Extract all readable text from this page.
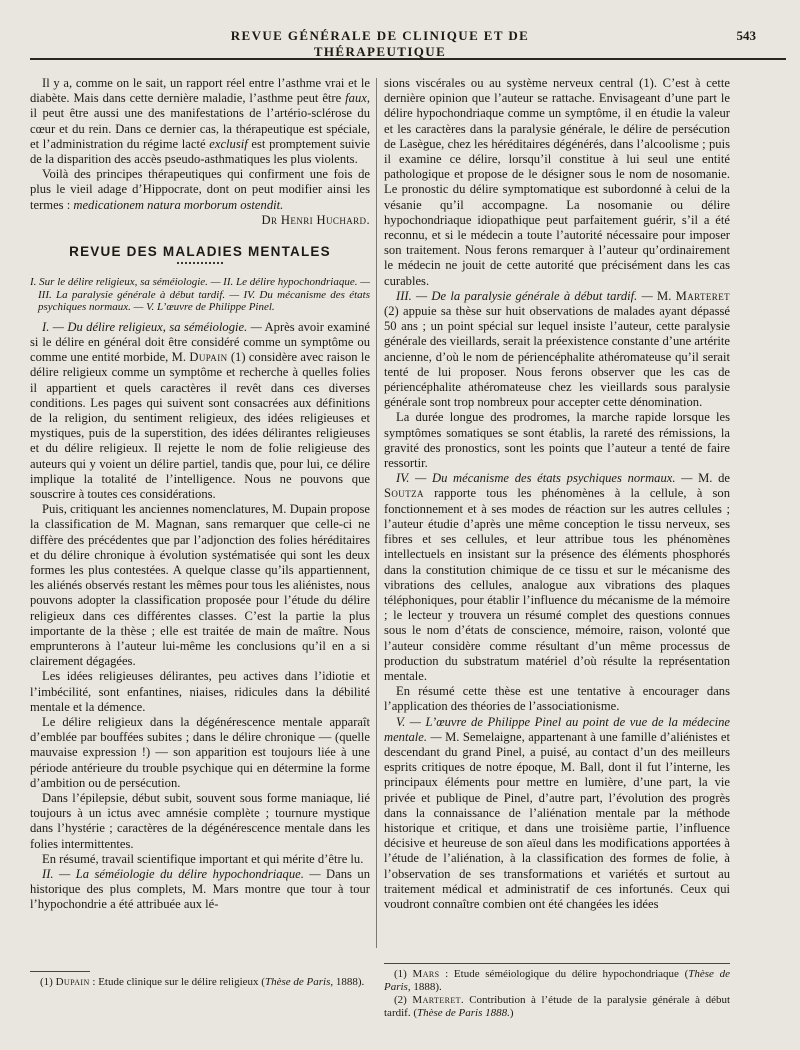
REVUE GÉNÉRALE DE CLINIQUE ET DE THÉRAPEUTIQUE
543

Il y a, comme on le sait, un rapport réel entre l’asthme vrai et le diabète. Mais dans cette dernière maladie, l’asthme peut être faux, il peut être aussi une des manifestations de l’artério-sclérose du cœur et du rein. Dans ce dernier cas, la thérapeutique est spéciale, et l’administration du régime lacté exclusif est promptement suivie de la disparition des accès pseudo-asthmatiques les plus violents.

Voilà des principes thérapeutiques qui confirment une fois de plus le vieil adage d’Hippocrate, dont on peut modifier ainsi les termes : medicationem natura morborum ostendit.

Dr Henri Huchard.

REVUE DES MALADIES MENTALES

I. Sur le délire religieux, sa séméiologie. — II. Le délire hypochondriaque. — III. La paralysie générale à début tardif. — IV. Du mécanisme des états psychiques normaux. — V. L’œuvre de Philippe Pinel.

I. — Du délire religieux, sa séméiologie. — Après avoir examiné si le délire en général doit être considéré comme un symptôme ou comme une entité morbide, M. Dupain (1) considère avec raison le délire religieux comme un symptôme et recherche à quelles folies il appartient et quels caractères il revêt dans ces diverses conditions. Les pages qui suivent sont consacrées aux définitions de la religion, du sentiment religieux, des idées religieuses et mystiques, puis de la superstition, des idées délirantes religieuses et du délire religieux. Il rejette le nom de folie religieuse des auteurs qui y voient un délire partiel, tandis que, pour lui, ce délire implique la totalité de l’intelligence. Nous ne pouvons que souscrire à toutes ces considérations.

Puis, critiquant les anciennes nomenclatures, M. Dupain propose la classification de M. Magnan, sans remarquer que celle-ci ne diffère des précédentes que par l’adjonction des folies héréditaires et du délire chronique à évolution systématisée qui sont les deux formes les plus contestées. A quelque classe qu’ils appartiennent, les aliénés observés restant les mêmes pour tous les aliénistes, nous pouvons adopter la classification proposée pour l’étude du délire religieux dans ces différentes classes. C’est la partie la plus importante de la thèse ; elle est traitée de main de maître. Nous emprunterons à l’auteur lui-même les conclusions qu’il en a si clairement dégagées.

Les idées religieuses délirantes, peu actives dans l’idiotie et l’imbécilité, sont enfantines, niaises, ridicules dans la débilité mentale et la démence.

Le délire religieux dans la dégénérescence mentale apparaît d’emblée par bouffées subites ; dans le délire chronique — (quelle mauvaise expression !) — son apparition est toujours liée à une période antérieure du trouble psychique qui en détermine la forme d’ambition ou de persécution.

Dans l’épilepsie, début subit, souvent sous forme maniaque, lié toujours à un ictus avec amnésie complète ; tournure mystique dans l’hystérie ; caractères de la dégénérescence mentale dans les folies intermittentes.

En résumé, travail scientifique important et qui mérite d’être lu.

II. — La séméiologie du délire hypochondriaque. — Dans un historique des plus complets, M. Mars montre que tour à tour l’hypochondrie a été attribuée aux lé-

sions viscérales ou au système nerveux central (1). C’est à cette dernière opinion que l’auteur se rattache. Envisageant d’une part le délire hypochondriaque comme un symptôme, il en étudie la valeur et les caractères dans la paralysie générale, le délire de persécution de Lasègue, chez les héréditaires dégénérés, dans l’alcoolisme ; puis il examine ce délire, lorsqu’il constitue à lui seul une entité pathologique et propose de le désigner sous le nom de nosomanie. Le pronostic du délire symptomatique est subordonné à celui de la vésanie qu’il accompagne. La nosomanie ou délire hypochondriaque idiopathique peut parfaitement guérir, s’il a été reconnu, et si le médecin a toute l’autorité nécessaire pour imposer son traitement. Nous ferons remarquer à l’auteur qu’ordinairement le médecin ne jouit de cette autorité que précisément dans les cas curables.

III. — De la paralysie générale à début tardif. — M. Marteret (2) appuie sa thèse sur huit observations de malades ayant dépassé 50 ans ; un point spécial sur lequel insiste l’auteur, cette paralysie générale des vieillards, serait la préexistence constante d’une artérite ancienne, d’où le nom de périencéphalite athéromateuse qu’il serait tenté de lui proposer. Nous ferons observer que les cas de périencéphalite athéromateuse chez les vieillards sous paralysie générale sont trop nombreux pour accepter cette dénomination.

La durée longue des prodromes, la marche rapide lorsque les symptômes somatiques se sont établis, la rareté des rémissions, la gravité des pronostics, sont les points que l’auteur a tenté de faire ressortir.

IV. — Du mécanisme des états psychiques normaux. — M. de Soutza rapporte tous les phénomènes à la cellule, à son fonctionnement et à ses modes de réaction sur les autres cellules ; l’auteur étudie d’après une même conception le tissu nerveux, ses fibres et ses cellules, et leur attribue tous les phénomènes intellectuels en insistant sur la présence des éléments phosphorés dans la constitution chimique de ce tissu et sur le mécanisme des vibrations des cellules, analogue aux vibrations des plaques téléphoniques, pour établir l’influence du mécanisme de la mémoire ; le lecteur y trouvera un résumé complet des questions connues sous le nom d’états de conscience, mémoire, raison, volonté que l’auteur considère comme résultant d’un même processus de production du substratum matériel d’où résulte la représentation mentale.

En résumé cette thèse est une tentative à encourager dans l’application des théories de l’associationisme.

V. — L’œuvre de Philippe Pinel au point de vue de la médecine mentale. — M. Semelaigne, appartenant à une famille d’aliénistes et descendant du grand Pinel, a puisé, au contact d’un des meilleurs esprits critiques de notre époque, M. Ball, dont il fut l’interne, les principaux éléments pour mettre en lumière, d’une part, la vie privée et publique de Pinel, d’autre part, l’évolution des progrès dans la connaissance de l’aliénation mentale par la méthode historique et critique, et dans une troisième partie, l’influence décisive et heureuse de son aïeul dans les modifications apportées à l’étude de l’aliénation, à la classification des formes de folie, à l’observation de ses transformations et variétés et surtout au traitement médical et administratif de ces infortunés. Ceux qui voudront connaître combien ont été changées les idées

(1) Dupain : Etude clinique sur le délire religieux (Thèse de Paris, 1888).

(1) Mars : Etude séméiologique du délire hypochondriaque (Thèse de Paris, 1888).

(2) Marteret. Contribution à l’étude de la paralysie générale à début tardif. (Thèse de Paris 1888.)
